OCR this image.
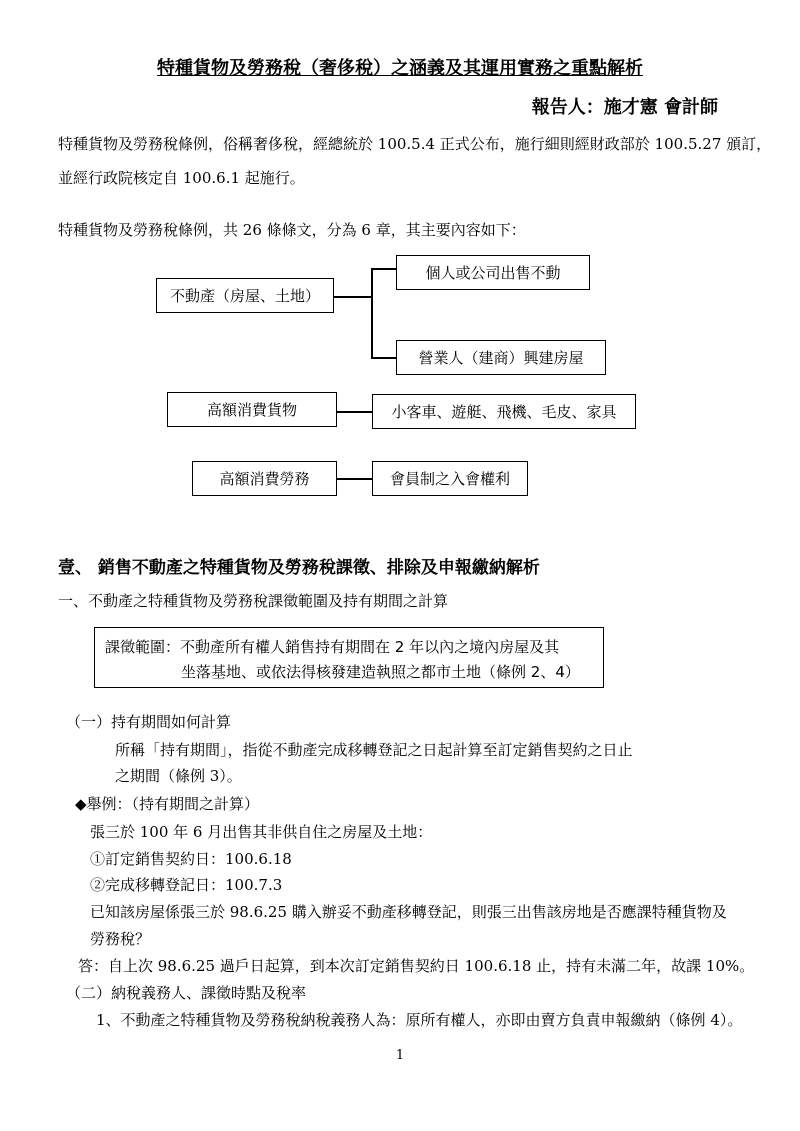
特種貨物及勞務稅（奢侈稅）之涵義及其運用實務之重點解析
報告人：施才憲 會計師
特種貨物及勞務稅條例，俗稱奢侈稅，經總統於 100.5.4 正式公布，施行細則經財政部於 100.5.27 頒訂，
並經行政院核定自 100.6.1 起施行。
特種貨物及勞務稅條例，共 26 條條文，分為 6 章，其主要內容如下：
不動產（房屋、土地）
個人或公司出售不動
營業人（建商）興建房屋
高額消費貨物	小客車、遊艇、飛機、毛皮、家具
高額消費勞務	會員制之入會權利
壹、 銷售不動產之特種貨物及勞務稅課徵、排除及申報繳納解析
一、不動產之特種貨物及勞務稅課徵範圍及持有期間之計算
課徵範圍：不動產所有權人銷售持有期間在 2 年以內之境內房屋及其
坐落基地、或依法得核發建造執照之都市土地（條例 2、4）
（一）持有期間如何計算
所稱「持有期間」，指從不動產完成移轉登記之日起計算至訂定銷售契約之日止
之期間（條例 3）。
◆舉例：（持有期間之計算）
張三於 100 年 6 月出售其非供自住之房屋及土地：
①訂定銷售契約日：100.6.18
②完成移轉登記日：100.7.3
已知該房屋係張三於 98.6.25 購入辦妥不動產移轉登記，則張三出售該房地是否應課特種貨物及
勞務稅？
答：自上次 98.6.25 過戶日起算，到本次訂定銷售契約日 100.6.18 止，持有未滿二年，故課 10%。
（二）納稅義務人、課徵時點及稅率
1、不動產之特種貨物及勞務稅納稅義務人為：原所有權人，亦即由賣方負責申報繳納（條例 4）。
1
